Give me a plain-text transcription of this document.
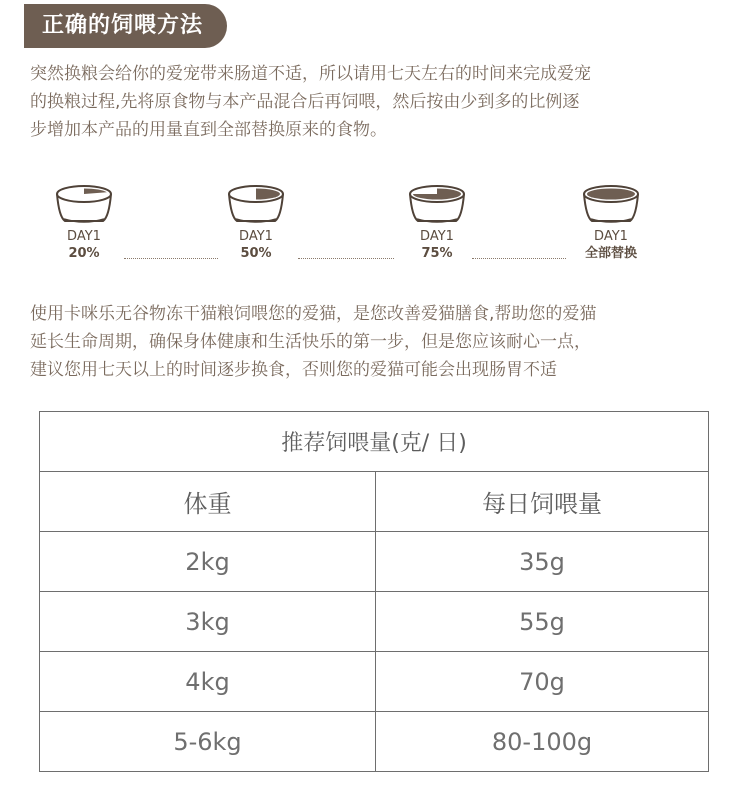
正确的饲喂方法

突然换粮会给你的爱宠带来肠道不适，所以请用七天左右的时间来完成爱宠
的换粮过程,先将原食物与本产品混合后再饲喂，然后按由少到多的比例逐
步增加本产品的用量直到全部替换原来的食物。

DAY1
20%
DAY1
50%
DAY1
75%
DAY1
全部替换

使用卡咪乐无谷物冻干猫粮饲喂您的爱猫，是您改善爱猫膳食,帮助您的爱猫
延长生命周期，确保身体健康和生活快乐的第一步，但是您应该耐心一点，
建议您用七天以上的时间逐步换食，否则您的爱猫可能会出现肠胃不适

推荐饲喂量(克/ 日)	
体重	每日饲喂量
2kg	35g
3kg	55g
4kg	70g
5-6kg	80-100g
